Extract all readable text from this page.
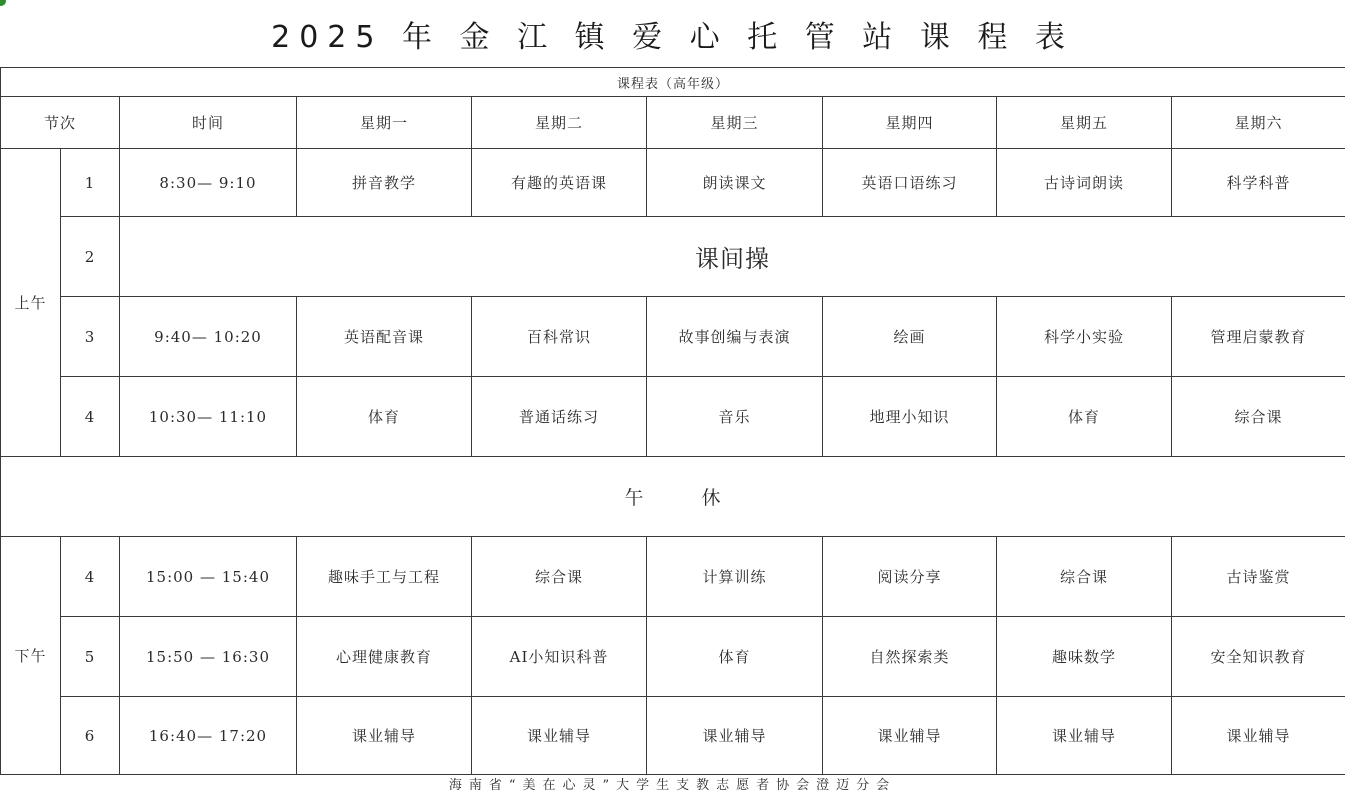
2025 年 金 江 镇 爱 心 托 管 站 课 程 表
课程表（高年级）								
节次		时间	星期一	星期二	星期三	星期四	星期五	星期六
上午	1	8:30— 9:10	拼音教学	有趣的英语课	朗读课文	英语口语练习	古诗词朗读	科学科普
	2	课间操						
	3	9:40— 10:20	英语配音课	百科常识	故事创编与表演	绘画	科学小实验	管理启蒙教育
	4	10:30— 11:10	体育	普通话练习	音乐	地理小知识	体育	综合课
午 休								
下午	4	15:00 — 15:40	趣味手工与工程	综合课	计算训练	阅读分享	综合课	古诗鉴赏
	5	15:50 — 16:30	心理健康教育	AI小知识科普	体育	自然探索类	趣味数学	安全知识教育
	6	16:40— 17:20	课业辅导	课业辅导	课业辅导	课业辅导	课业辅导	课业辅导
海南省“美在心灵”大学生支教志愿者协会澄迈分会
